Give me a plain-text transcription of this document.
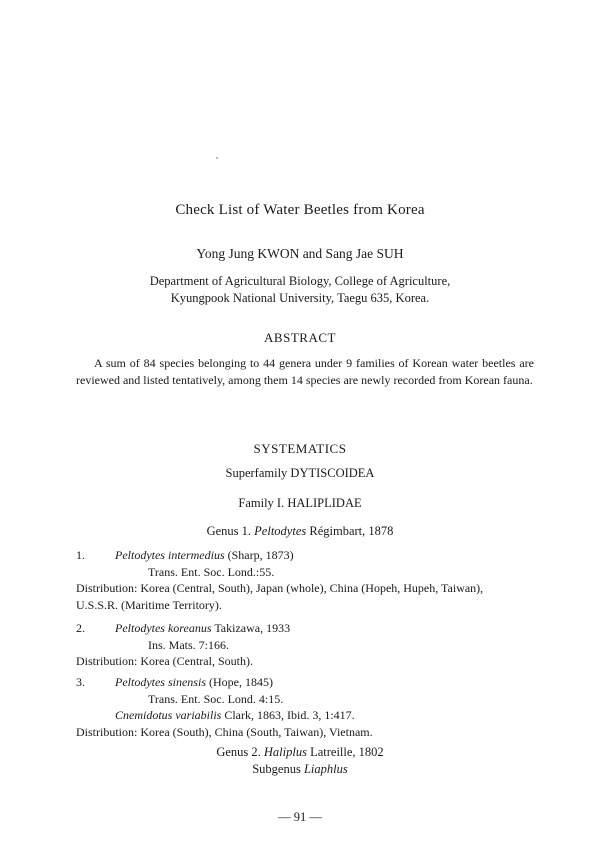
Check List of Water Beetles from Korea

Yong Jung KWON and Sang Jae SUH

Department of Agricultural Biology, College of Agriculture,
Kyungpook National University, Taegu 635, Korea.
ABSTRACT

A sum of 84 species belonging to 44 genera under 9 families of Korean water beetles are reviewed and listed tentatively, among them 14 species are newly recorded from Korean fauna.

SYSTEMATICS

Superfamily DYTISCOIDEA

Family I. HALIPLIDAE

Genus 1. Peltodytes Régimbart, 1878

1.	Peltodytes intermedius (Sharp, 1873)
Trans. Ent. Soc. Lond.:55.
Distribution: Korea (Central, South), Japan (whole), China (Hopeh, Hupeh, Taiwan),
U.S.S.R. (Maritime Territory).
2.	Peltodytes koreanus Takizawa, 1933
Ins. Mats. 7:166.
Distribution: Korea (Central, South).
3.	Peltodytes sinensis (Hope, 1845)
Trans. Ent. Soc. Lond. 4:15.
Cnemidotus variabilis Clark, 1863, Ibid. 3, 1:417.
Distribution: Korea (South), China (South, Taiwan), Vietnam.
Genus 2. Haliplus Latreille, 1802
Subgenus Liaphlus

— 91 —
